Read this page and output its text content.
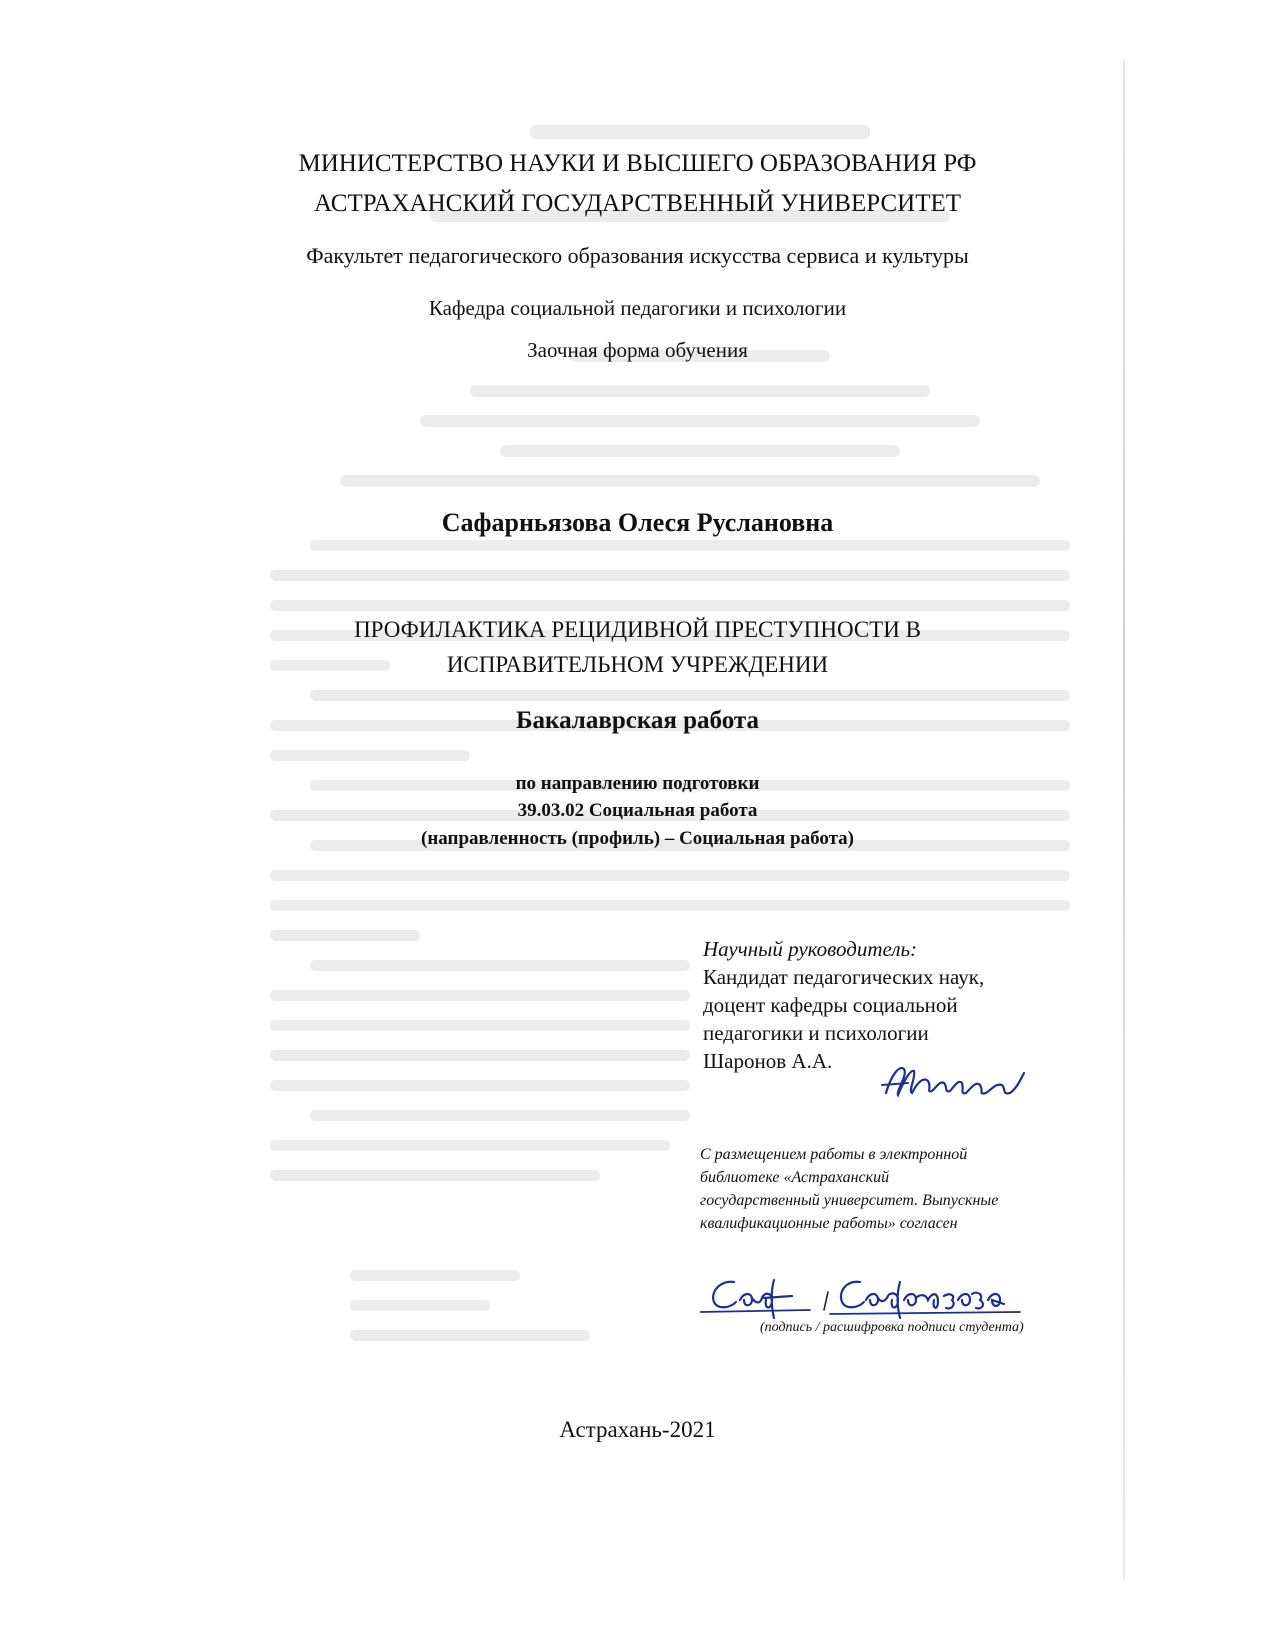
МИНИСТЕРСТВО НАУКИ И ВЫСШЕГО ОБРАЗОВАНИЯ РФ
АСТРАХАНСКИЙ ГОСУДАРСТВЕННЫЙ УНИВЕРСИТЕТ
Факультет педагогического образования искусства сервиса и культуры
Кафедра социальной педагогики и психологии
Заочная форма обучения
Сафарньязова Олеся Руслановна
ПРОФИЛАКТИКА РЕЦИДИВНОЙ ПРЕСТУПНОСТИ В
ИСПРАВИТЕЛЬНОМ УЧРЕЖДЕНИИ
Бакалаврская работа
по направлению подготовки
39.03.02 Социальная работа
(направленность (профиль) – Социальная работа)
Научный руководитель:
Кандидат педагогических наук,
доцент кафедры социальной
педагогики и психологии
Шаронов А.А.
С размещением работы в электронной
библиотеке «Астраханский
государственный университет. Выпускные
квалификационные работы» согласен
(подпись / расшифровка подписи студента)
Астрахань-2021
